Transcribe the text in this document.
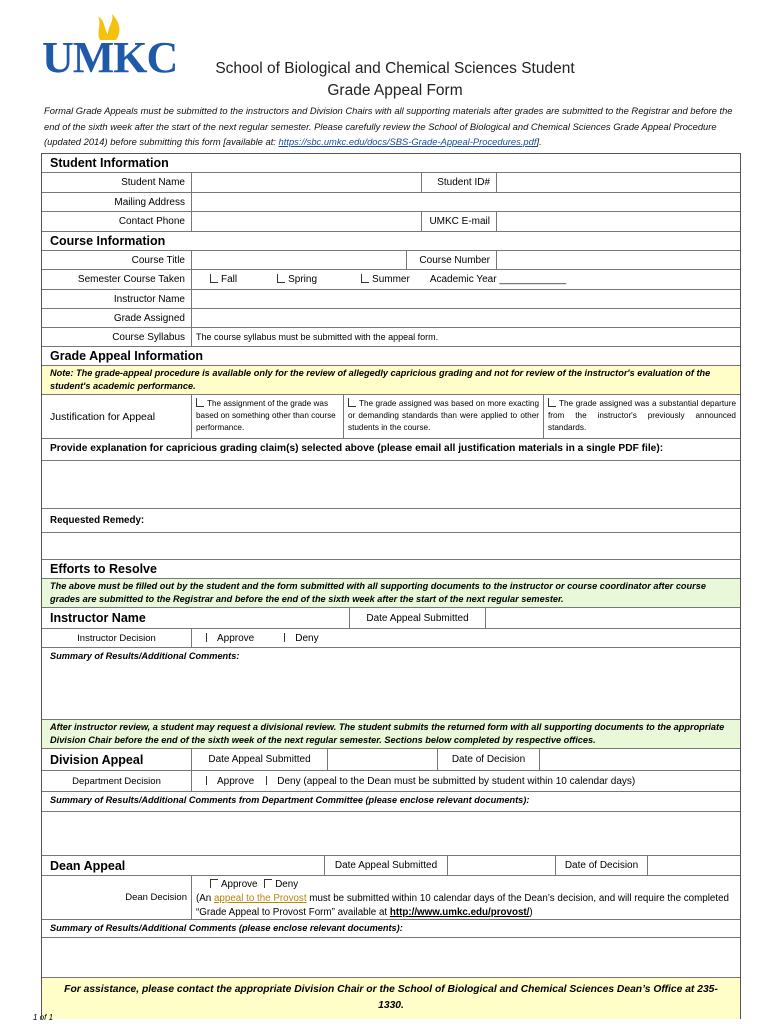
UMKC	School of Biological and Chemical Sciences Student
Grade Appeal Form
Formal Grade Appeals must be submitted to the instructors and Division Chairs with all supporting materials after grades are submitted to the Registrar and before the end of the sixth week after the start of the next regular semester. Please carefully review the School of Biological and Chemical Sciences Grade Appeal Procedure (updated 2014) before submitting this form [available at: https://sbc.umkc.edu/docs/SBS-Grade-Appeal-Procedures.pdf].
Student Information
Student Name	Student ID#
Mailing Address
Contact Phone	UMKC E-mail
Course Information
Course Title	Course Number
Semester Course Taken	Fall	Spring	Summer Academic Year ____________
Instructor Name
Grade Assigned
Course Syllabus	The course syllabus must be submitted with the appeal form.
Grade Appeal Information
Note: The grade-appeal procedure is available only for the review of allegedly capricious grading and not for review of the instructor's evaluation of the student's academic performance.
Justification for Appeal
The assignment of the grade was based on something other than course performance.
The grade assigned was based on more exacting or demanding standards than were applied to other students in the course.
The grade assigned was a substantial departure from the instructor's previously announced standards.
Provide explanation for capricious grading claim(s) selected above (please email all justification materials in a single PDF file):
Requested Remedy:
Efforts to Resolve
The above must be filled out by the student and the form submitted with all supporting documents to the instructor or course coordinator after course grades are submitted to the Registrar and before the end of the sixth week after the start of the next regular semester.
Instructor Name	Date Appeal Submitted
Instructor Decision	Approve	Deny
Summary of Results/Additional Comments:
After instructor review, a student may request a divisional review. The student submits the returned form with all supporting documents to the appropriate Division Chair before the end of the sixth week of the next regular semester. Sections below completed by respective offices.
Division Appeal	Date Appeal Submitted	Date of Decision
Department Decision	Approve	Deny (appeal to the Dean must be submitted by student within 10 calendar days)
Summary of Results/Additional Comments from Department Committee (please enclose relevant documents):
Dean Appeal	Date Appeal Submitted	Date of Decision
Dean Decision
Approve Deny
(An appeal to the Provost must be submitted within 10 calendar days of the Dean’s decision, and will require the completed “Grade Appeal to Provost Form” available at http://www.umkc.edu/provost/)
Summary of Results/Additional Comments (please enclose relevant documents):
For assistance, please contact the appropriate Division Chair or the School of Biological and Chemical Sciences Dean’s Office at 235-1330.
1 of 1
